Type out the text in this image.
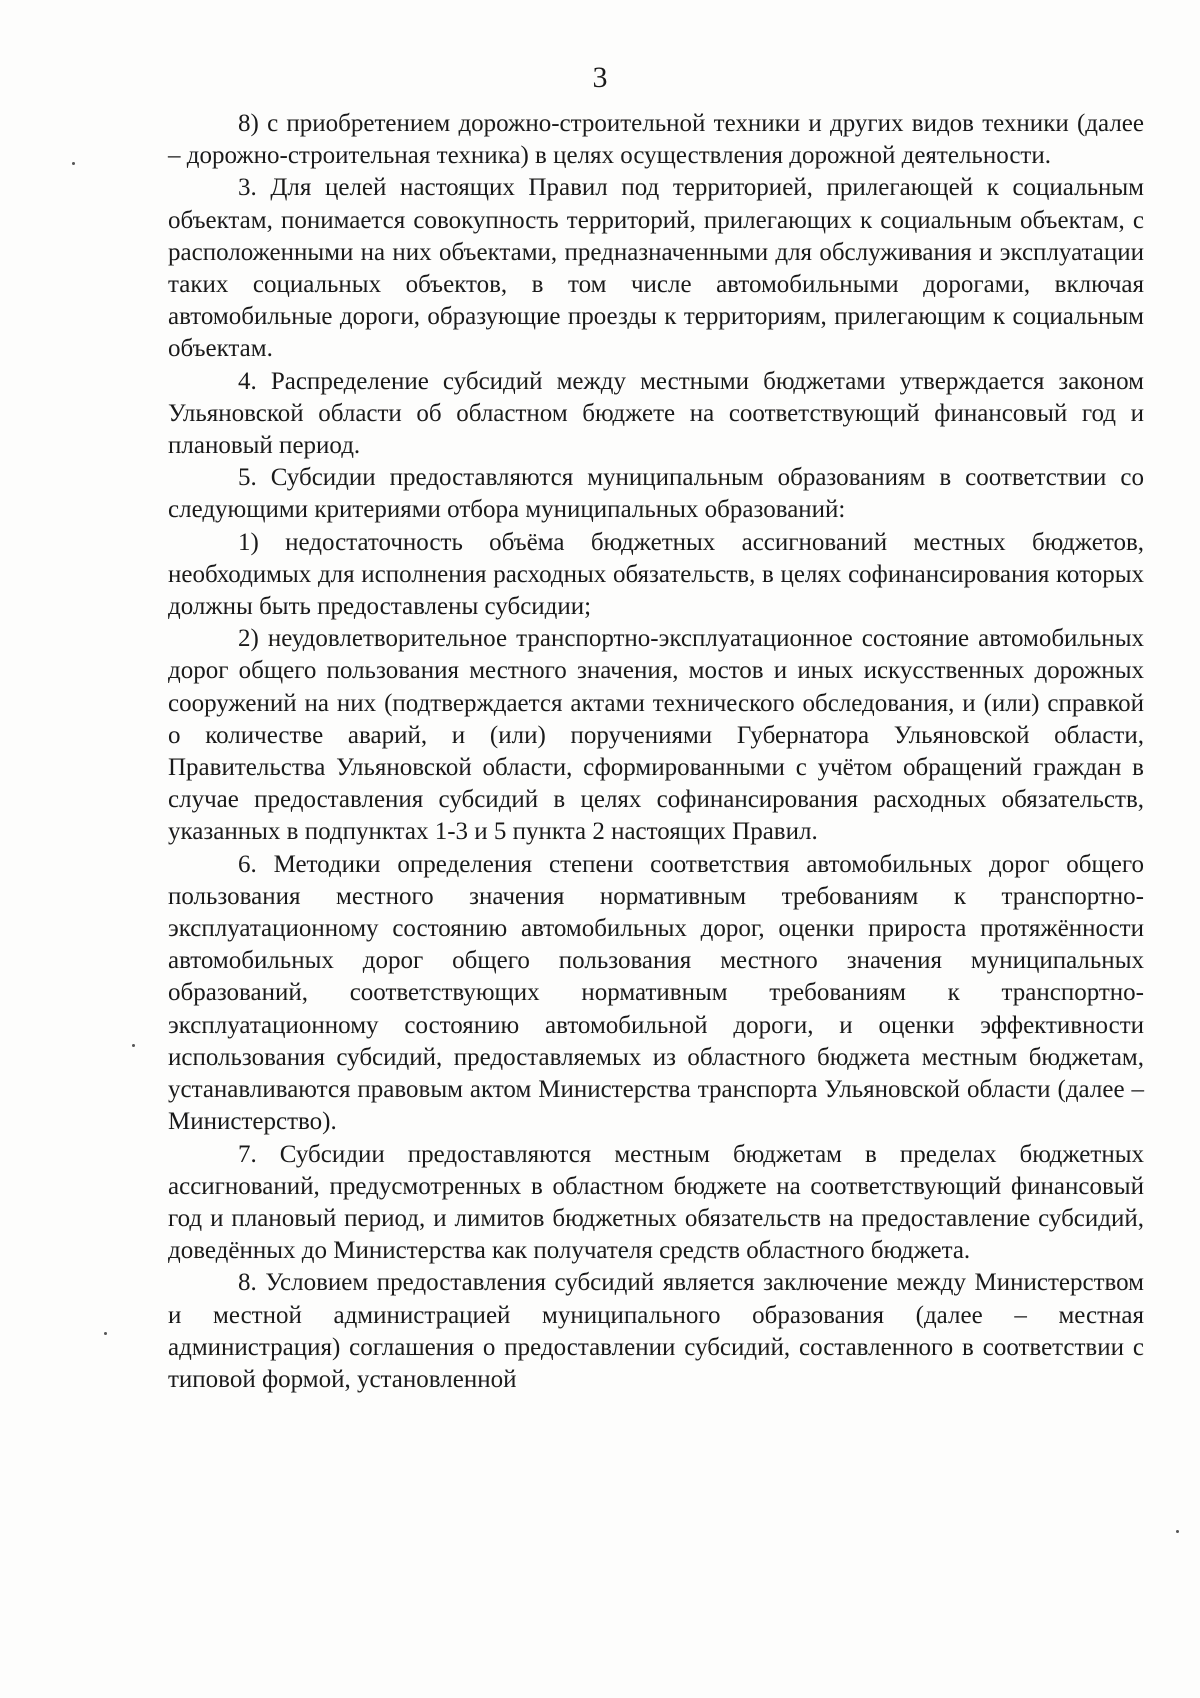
3

8) с приобретением дорожно-строительной техники и других видов техники (далее – дорожно-строительная техника) в целях осуществления дорожной деятельности.

3. Для целей настоящих Правил под территорией, прилегающей к социальным объектам, понимается совокупность территорий, прилегающих к социальным объектам, с расположенными на них объектами, предназначенными для обслуживания и эксплуатации таких социальных объектов, в том числе автомобильными дорогами, включая автомобильные дороги, образующие проезды к территориям, прилегающим к социальным объектам.

4. Распределение субсидий между местными бюджетами утверждается законом Ульяновской области об областном бюджете на соответствующий финансовый год и плановый период.

5. Субсидии предоставляются муниципальным образованиям в соответствии со следующими критериями отбора муниципальных образований:

1) недостаточность объёма бюджетных ассигнований местных бюджетов, необходимых для исполнения расходных обязательств, в целях софинансирования которых должны быть предоставлены субсидии;

2) неудовлетворительное транспортно-эксплуатационное состояние автомобильных дорог общего пользования местного значения, мостов и иных искусственных дорожных сооружений на них (подтверждается актами технического обследования, и (или) справкой о количестве аварий, и (или) поручениями Губернатора Ульяновской области, Правительства Ульяновской области, сформированными с учётом обращений граждан в случае предоставления субсидий в целях софинансирования расходных обязательств, указанных в подпунктах 1-3 и 5 пункта 2 настоящих Правил.

6. Методики определения степени соответствия автомобильных дорог общего пользования местного значения нормативным требованиям к транспортно-эксплуатационному состоянию автомобильных дорог, оценки прироста протяжённости автомобильных дорог общего пользования местного значения муниципальных образований, соответствующих нормативным требованиям к транспортно-эксплуатационному состоянию автомобильной дороги, и оценки эффективности использования субсидий, предоставляемых из областного бюджета местным бюджетам, устанавливаются правовым актом Министерства транспорта Ульяновской области (далее – Министерство).

7. Субсидии предоставляются местным бюджетам в пределах бюджетных ассигнований, предусмотренных в областном бюджете на соответствующий финансовый год и плановый период, и лимитов бюджетных обязательств на предоставление субсидий, доведённых до Министерства как получателя средств областного бюджета.

8. Условием предоставления субсидий является заключение между Министерством и местной администрацией муниципального образования (далее – местная администрация) соглашения о предоставлении субсидий, составленного в соответствии с типовой формой, установленной
